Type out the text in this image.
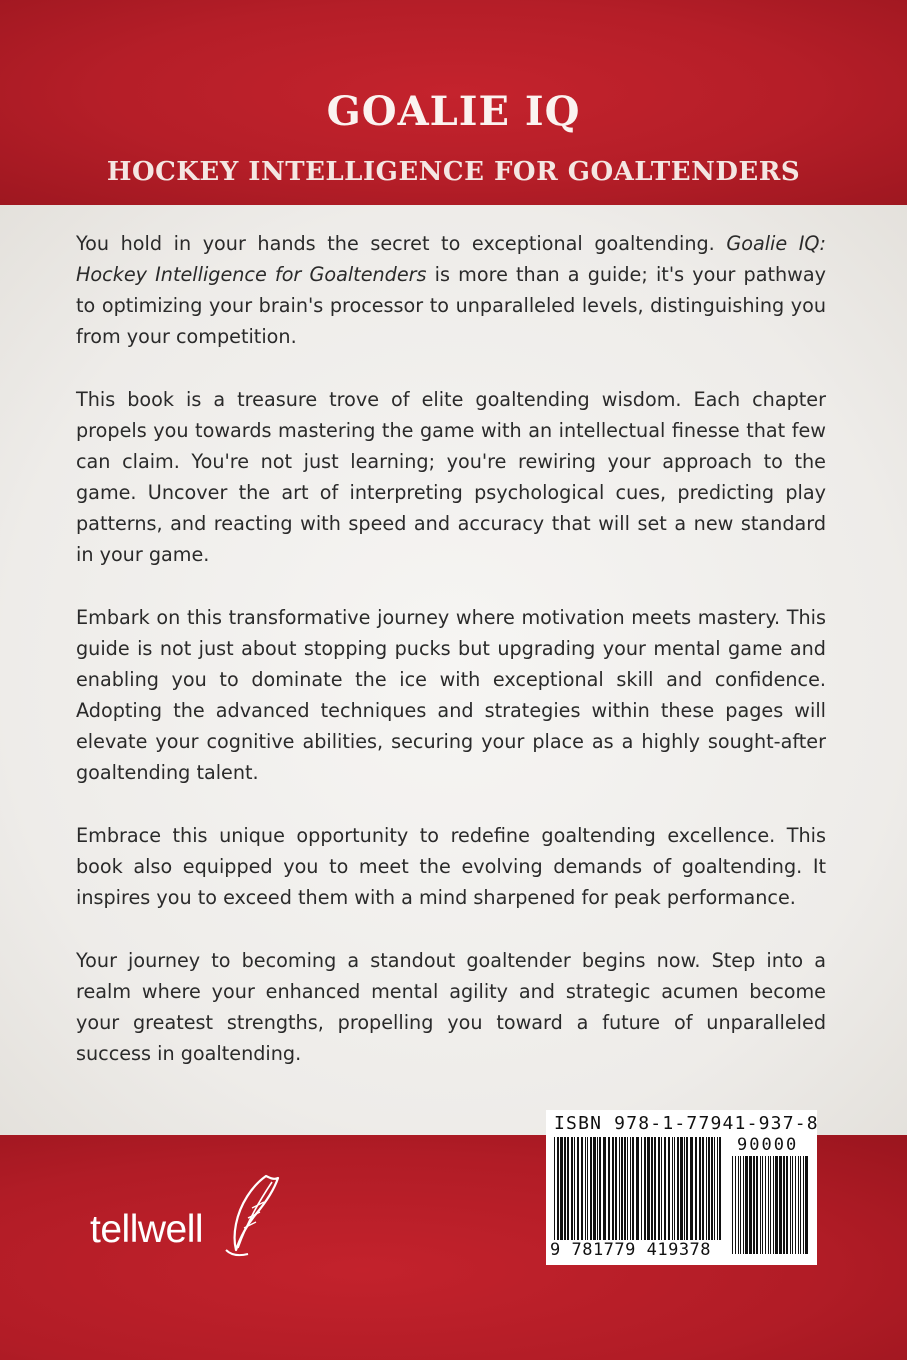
GOALIE IQ
HOCKEY INTELLIGENCE FOR GOALTENDERS

You hold in your hands the secret to exceptional goaltending. Goalie IQ: Hockey Intelligence for Goaltenders is more than a guide; it's your pathway to optimizing your brain's processor to unparalleled levels, distinguishing you from your competition.

This book is a treasure trove of elite goaltending wisdom. Each chapter propels you towards mastering the game with an intellectual finesse that few can claim. You're not just learning; you're rewiring your approach to the game. Uncover the art of interpreting psychological cues, predicting play patterns, and reacting with speed and accuracy that will set a new standard in your game.

Embark on this transformative journey where motivation meets mastery. This guide is not just about stopping pucks but upgrading your mental game and enabling you to dominate the ice with exceptional skill and confidence. Adopting the advanced techniques and strategies within these pages will elevate your cognitive abilities, securing your place as a highly sought-after goaltending talent.

Embrace this unique opportunity to redefine goaltending excellence. This book also equipped you to meet the evolving demands of goaltending. It inspires you to exceed them with a mind sharpened for peak performance.

Your journey to becoming a standout goaltender begins now. Step into a realm where your enhanced mental agility and strategic acumen become your greatest strengths, propelling you toward a future of unparalleled success in goaltending.

tellwell
ISBN 978-1-77941-937-8
90000
9 781779 419378
